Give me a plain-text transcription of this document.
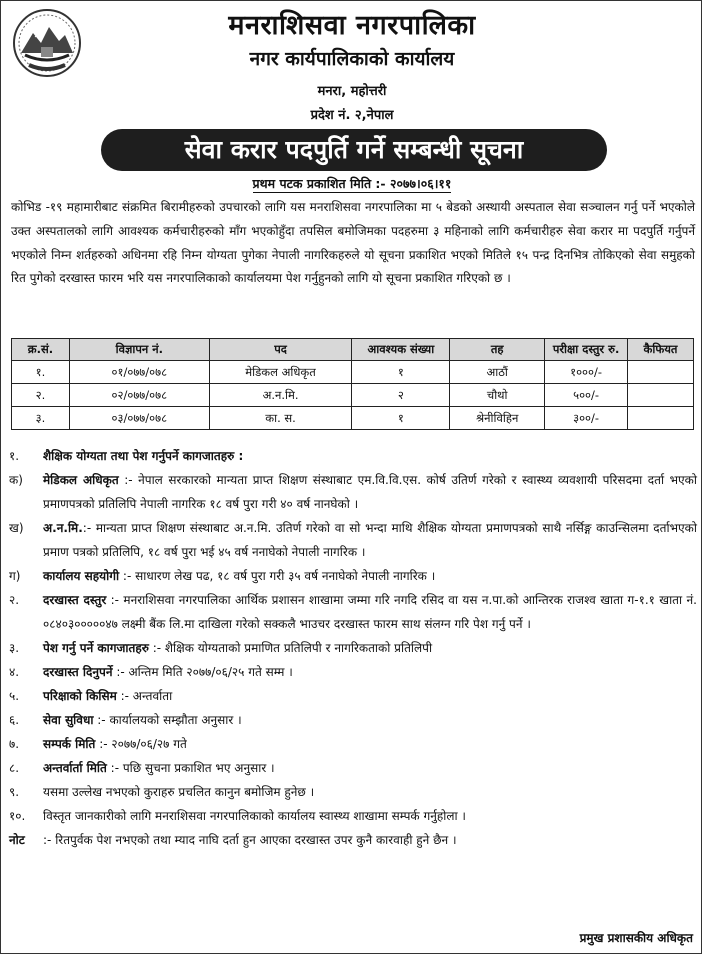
मनराशिसवा नगरपालिका
नगर कार्यपालिकाको कार्यालय
मनरा, महोत्तरी
प्रदेश नं. २,नेपाल
सेवा करार पदपुर्ति गर्ने सम्बन्धी सूचना
प्रथम पटक प्रकाशित मिति :- २०७७।०६।११
कोभिड -१९ महामारीबाट संक्रमित बिरामीहरुको उपचारको लागि यस मनराशिसवा नगरपालिका मा ५ बेडको अस्थायी अस्पताल सेवा सञ्चालन गर्नु पर्ने भएकोले उक्त अस्पतालको लागि आवश्यक कर्मचारीहरुको माँग भएकोहुँदा तपसिल बमोजिमका पदहरुमा ३ महिनाको लागि कर्मचारीहरु सेवा करार मा पदपुर्ति गर्नुपर्ने भएकोले निम्न शर्तहरुको अधिनमा रहि निम्न योग्यता पुगेका नेपाली नागरिकहरुले यो सूचना प्रकाशित भएको मितिले १५ पन्द्र दिनभित्र तोकिएको सेवा समुहको रित पुगेको दरखास्त फारम भरि यस नगरपालिकाको कार्यालयमा पेश गर्नुहुनको लागि यो सूचना प्रकाशित गरिएको छ ।
क्र.सं.	विज्ञापन नं.	पद	आवश्यक संख्या	तह	परीक्षा दस्तुर रु.	कैफियत
१.	०१/०७७/०७८	मेडिकल अधिकृत	१	आठौं	१०००/-	
२.	०२/०७७/०७८	अ.न.मि.	२	चौथो	५००/-	
३.	०३/०७७/०७८	का. स.	१	श्रेनीविहिन	३००/-	
१. शैक्षिक योग्यता तथा पेश गर्नुपर्ने कागजातहरु :
क) मेडिकल अधिकृत :- नेपाल सरकारको मान्यता प्राप्त शिक्षण संस्थाबाट एम.वि.वि.एस. कोर्ष उतिर्ण गरेको र स्वास्थ्य व्यवशायी परिसदमा दर्ता भएको प्रमाणपत्रको प्रतिलिपि नेपाली नागरिक १८ वर्ष पुरा गरी ४० वर्ष नानघेको ।
ख) अ.न.मि.:- मान्यता प्राप्त शिक्षण संस्थाबाट अ.न.मि. उतिर्ण गरेको वा सो भन्दा माथि शैक्षिक योग्यता प्रमाणपत्रको साथै नर्सिङ्ग काउन्सिलमा दर्ताभएको प्रमाण पत्रको प्रतिलिपि, १८ वर्ष पुरा भई ४५ वर्ष ननाघेको नेपाली नागरिक ।
ग) कार्यालय सहयोगी :- साधारण लेख पढ, १८ वर्ष पुरा गरी ३५ वर्ष ननाघेको नेपाली नागरिक ।
२. दरखास्त दस्तुर :- मनराशिसवा नगरपालिका आर्थिक प्रशासन शाखामा जम्मा गरि नगदि रसिद वा यस न.पा.को आन्तिरक राजश्व खाता ग-१.१ खाता नं. ०८४०३०००००४७ लक्ष्मी बैंक लि.मा दाखिला गरेको सक्कलै भाउचर दरखास्त फारम साथ संलग्न गरि पेश गर्नु पर्ने ।
३. पेश गर्नु पर्ने कागजातहरु :- शैक्षिक योग्यताको प्रमाणित प्रतिलिपी र नागरिकताको प्रतिलिपी
४. दरखास्त दिनुपर्ने :- अन्तिम मिति २०७७/०६/२५ गते सम्म ।
५. परिक्षाको किसिम :- अन्तर्वाता
६. सेवा सुविधा :- कार्यालयको सम्झौता अनुसार ।
७. सम्पर्क मिति :- २०७७/०६/२७ गते
८. अन्तर्वार्ता मिति :- पछि सुचना प्रकाशित भए अनुसार ।
९. यसमा उल्लेख नभएको कुराहरु प्रचलित कानुन बमोजिम हुनेछ ।
१०. विस्तृत जानकारीको लागि मनराशिसवा नगरपालिकाको कार्यालय स्वास्थ्य शाखामा सम्पर्क गर्नुहोला ।
नोट :- रितपुर्वक पेश नभएको तथा म्याद नाघि दर्ता हुन आएका दरखास्त उपर कुनै कारवाही हुने छैन ।
प्रमुख प्रशासकीय अधिकृत
